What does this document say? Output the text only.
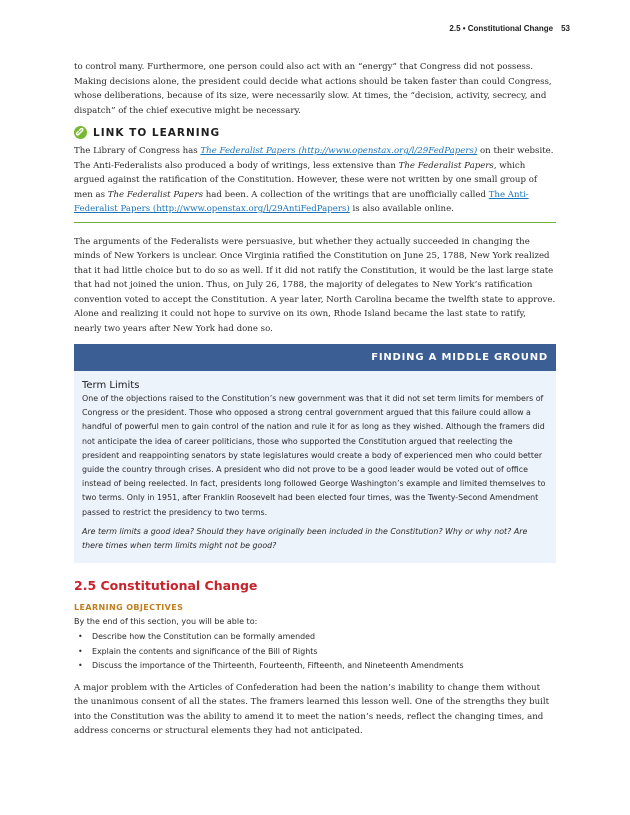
2.5 • Constitutional Change 53

to control many. Furthermore, one person could also act with an “energy” that Congress did not possess. Making decisions alone, the president could decide what actions should be taken faster than could Congress, whose deliberations, because of its size, were necessarily slow. At times, the “decision, activity, secrecy, and dispatch” of the chief executive might be necessary.

LINK TO LEARNING

The Library of Congress has The Federalist Papers (http://www.openstax.org/l/29FedPapers) on their website. The Anti-Federalists also produced a body of writings, less extensive than The Federalist Papers, which argued against the ratification of the Constitution. However, these were not written by one small group of men as The Federalist Papers had been. A collection of the writings that are unofficially called The Anti-Federalist Papers (http://www.openstax.org/l/29AntiFedPapers) is also available online.

The arguments of the Federalists were persuasive, but whether they actually succeeded in changing the minds of New Yorkers is unclear. Once Virginia ratified the Constitution on June 25, 1788, New York realized that it had little choice but to do so as well. If it did not ratify the Constitution, it would be the last large state that had not joined the union. Thus, on July 26, 1788, the majority of delegates to New York’s ratification convention voted to accept the Constitution. A year later, North Carolina became the twelfth state to approve. Alone and realizing it could not hope to survive on its own, Rhode Island became the last state to ratify, nearly two years after New York had done so.

FINDING A MIDDLE GROUND
Term Limits

One of the objections raised to the Constitution’s new government was that it did not set term limits for members of Congress or the president. Those who opposed a strong central government argued that this failure could allow a handful of powerful men to gain control of the nation and rule it for as long as they wished. Although the framers did not anticipate the idea of career politicians, those who supported the Constitution argued that reelecting the president and reappointing senators by state legislatures would create a body of experienced men who could better guide the country through crises. A president who did not prove to be a good leader would be voted out of office instead of being reelected. In fact, presidents long followed George Washington’s example and limited themselves to two terms. Only in 1951, after Franklin Roosevelt had been elected four times, was the Twenty-Second Amendment passed to restrict the presidency to two terms.

Are term limits a good idea? Should they have originally been included in the Constitution? Why or why not? Are there times when term limits might not be good?

2.5 Constitutional Change
LEARNING OBJECTIVES

By the end of this section, you will be able to:

• Describe how the Constitution can be formally amended
• Explain the contents and significance of the Bill of Rights
• Discuss the importance of the Thirteenth, Fourteenth, Fifteenth, and Nineteenth Amendments

A major problem with the Articles of Confederation had been the nation’s inability to change them without the unanimous consent of all the states. The framers learned this lesson well. One of the strengths they built into the Constitution was the ability to amend it to meet the nation’s needs, reflect the changing times, and address concerns or structural elements they had not anticipated.
